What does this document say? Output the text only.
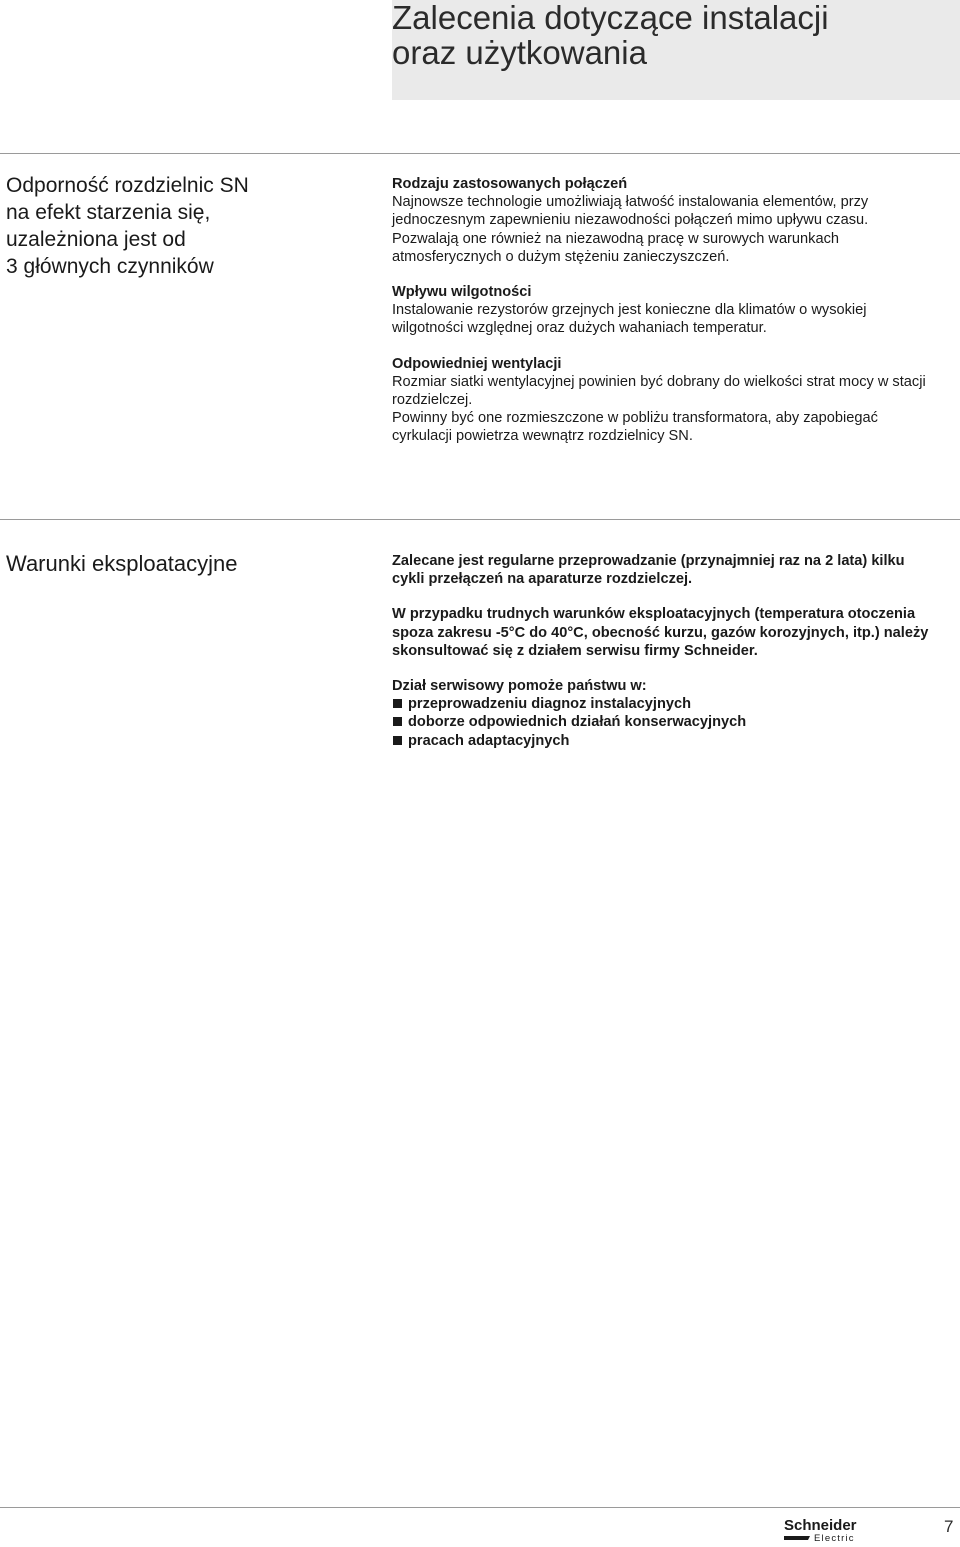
Zalecenia dotyczące instalacji
oraz użytkowania
Odporność rozdzielnic SN
na efekt starzenia się,
uzależniona jest od
3 głównych czynników

Rodzaju zastosowanych połączeń
Najnowsze technologie umożliwiają łatwość instalowania elementów, przy
jednoczesnym zapewnieniu niezawodności połączeń mimo upływu czasu.
Pozwalają one również na niezawodną pracę w surowych warunkach
atmosferycznych o dużym stężeniu zanieczyszczeń.

Wpływu wilgotności
Instalowanie rezystorów grzejnych jest konieczne dla klimatów o wysokiej
wilgotności względnej oraz dużych wahaniach temperatur.

Odpowiedniej wentylacji
Rozmiar siatki wentylacyjnej powinien być dobrany do wielkości strat mocy w stacji
rozdzielczej.
Powinny być one rozmieszczone w pobliżu transformatora, aby zapobiegać
cyrkulacji powietrza wewnątrz rozdzielnicy SN.

Warunki eksploatacyjne	Zalecane jest regularne przeprowadzanie (przynajmniej raz na 2 lata) kilku
cykli przełączeń na aparaturze rozdzielczej.

W przypadku trudnych warunków eksploatacyjnych (temperatura otoczenia
spoza zakresu -5°C do 40°C, obecność kurzu, gazów korozyjnych, itp.) należy
skonsultować się z działem serwisu firmy Schneider.

Dział serwisowy pomoże państwu w:
przeprowadzeniu diagnoz instalacyjnych
doborze odpowiednich działań konserwacyjnych
pracach adaptacyjnych
Schneider
Electric
7
